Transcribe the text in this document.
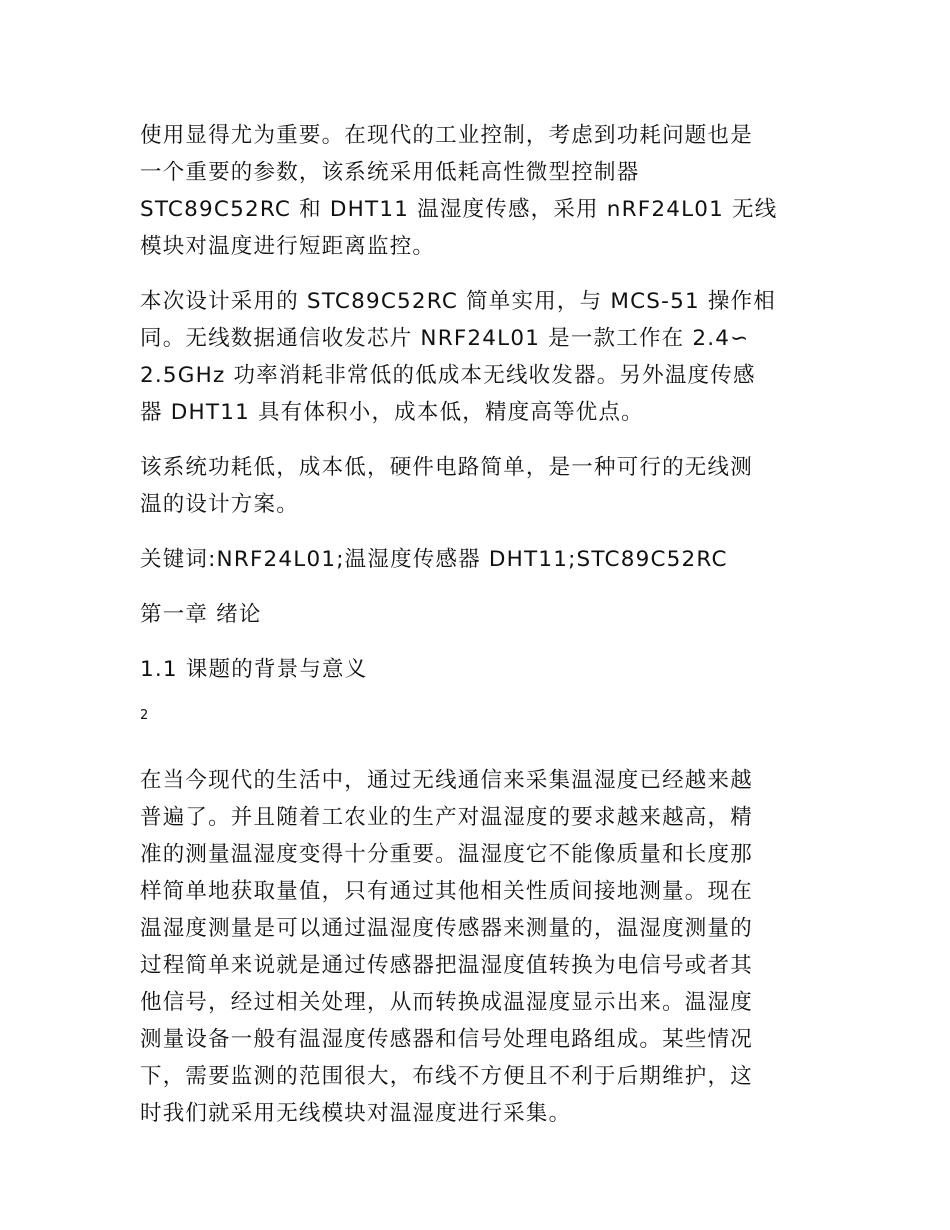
使用显得尤为重要。在现代的工业控制，考虑到功耗问题也是
一个重要的参数，该系统采用低耗高性微型控制器
STC89C52RC 和 DHT11 温湿度传感，采用 nRF24L01 无线
模块对温度进行短距离监控。

本次设计采用的 STC89C52RC 简单实用，与 MCS-51 操作相
同。无线数据通信收发芯片 NRF24L01 是一款工作在 2.4∽
2.5GHz 功率消耗非常低的低成本无线收发器。另外温度传感
器 DHT11 具有体积小，成本低，精度高等优点。

该系统功耗低，成本低，硬件电路简单，是一种可行的无线测
温的设计方案。

关键词:NRF24L01;温湿度传感器 DHT11;STC89C52RC

第一章 绪论

1.1 课题的背景与意义

2

在当今现代的生活中，通过无线通信来采集温湿度已经越来越
普遍了。并且随着工农业的生产对温湿度的要求越来越高，精
准的测量温湿度变得十分重要。温湿度它不能像质量和长度那
样简单地获取量值，只有通过其他相关性质间接地测量。现在
温湿度测量是可以通过温湿度传感器来测量的，温湿度测量的
过程简单来说就是通过传感器把温湿度值转换为电信号或者其
他信号，经过相关处理，从而转换成温湿度显示出来。温湿度
测量设备一般有温湿度传感器和信号处理电路组成。某些情况
下，需要监测的范围很大，布线不方便且不利于后期维护，这
时我们就采用无线模块对温湿度进行采集。
